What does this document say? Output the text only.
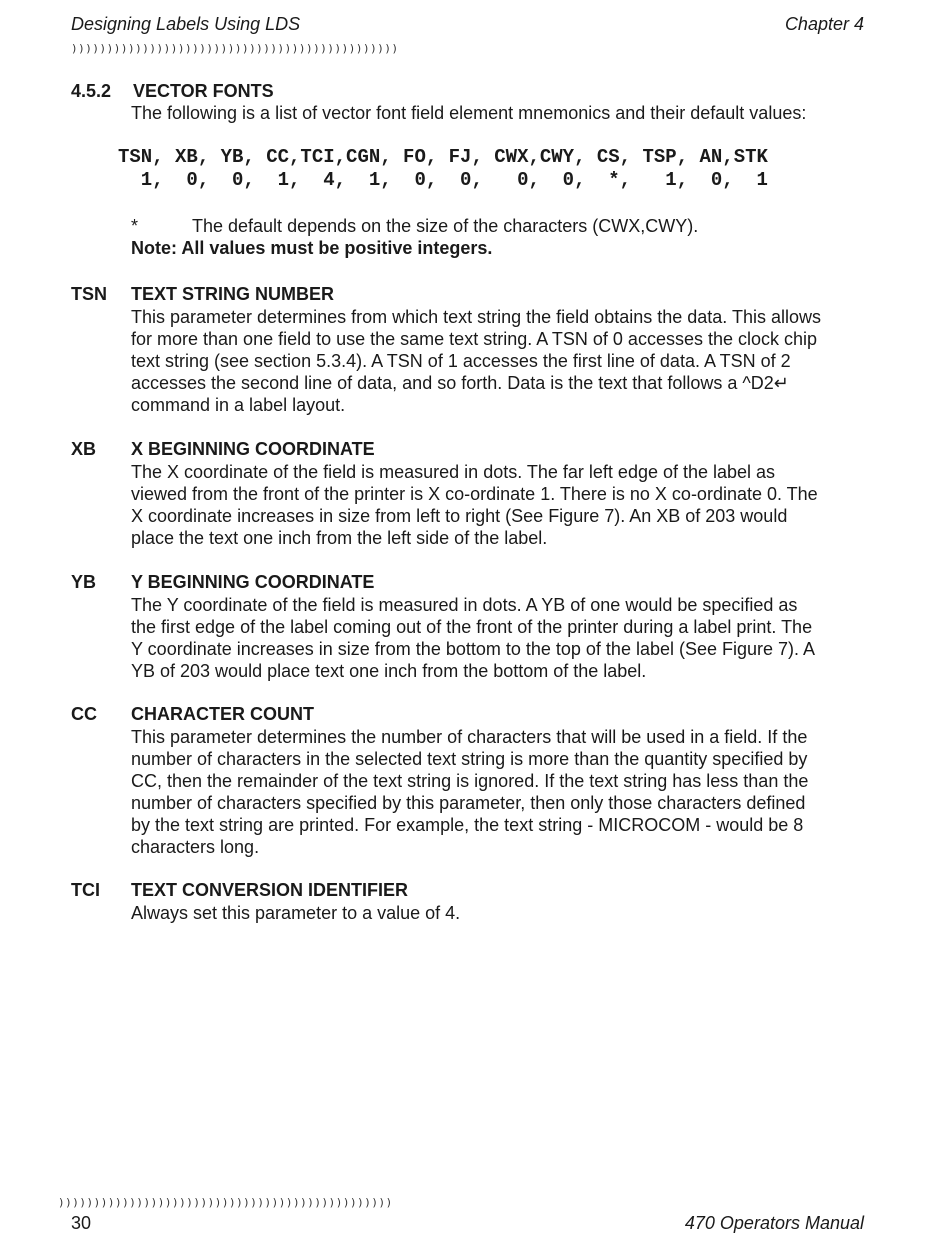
Designing Labels Using LDS	Chapter 4
))))))))))))))))))))))))))))))))))))))))))))))
4.5.2 VECTOR FONTS
The following is a list of vector font field element mnemonics and their default values:
TSN, XB, YB, CC,TCI,CGN, FO, FJ, CWX,CWY, CS, TSP, AN,STK
1,  0,  0,  1,  4,  1,  0,  0,   0,  0,  *,   1,  0,  1
*	The default depends on the size of the characters (CWX,CWY).
Note: All values must be positive integers.
TSN TEXT STRING NUMBER
This parameter determines from which text string the field obtains the data. This allows
for more than one field to use the same text string. A TSN of 0 accesses the clock chip
text string (see section 5.3.4). A TSN of 1 accesses the first line of data. A TSN of 2
accesses the second line of data, and so forth. Data is the text that follows a ^D2↵
command in a label layout.
XB X BEGINNING COORDINATE
The X coordinate of the field is measured in dots. The far left edge of the label as
viewed from the front of the printer is X co-ordinate 1. There is no X co-ordinate 0. The
X coordinate increases in size from left to right (See Figure 7). An XB of 203 would
place the text one inch from the left side of the label.
YB Y BEGINNING COORDINATE
The Y coordinate of the field is measured in dots. A YB of one would be specified as
the first edge of the label coming out of the front of the printer during a label print. The
Y coordinate increases in size from the bottom to the top of the label (See Figure 7). A
YB of 203 would place text one inch from the bottom of the label.
CC CHARACTER COUNT
This parameter determines the number of characters that will be used in a field. If the
number of characters in the selected text string is more than the quantity specified by
CC, then the remainder of the text string is ignored. If the text string has less than the
number of characters specified by this parameter, then only those characters defined
by the text string are printed. For example, the text string - MICROCOM - would be 8
characters long.
TCI TEXT CONVERSION IDENTIFIER
Always set this parameter to a value of 4.
)))))))))))))))))))))))))))))))))))))))))))))))
30	470 Operators Manual
